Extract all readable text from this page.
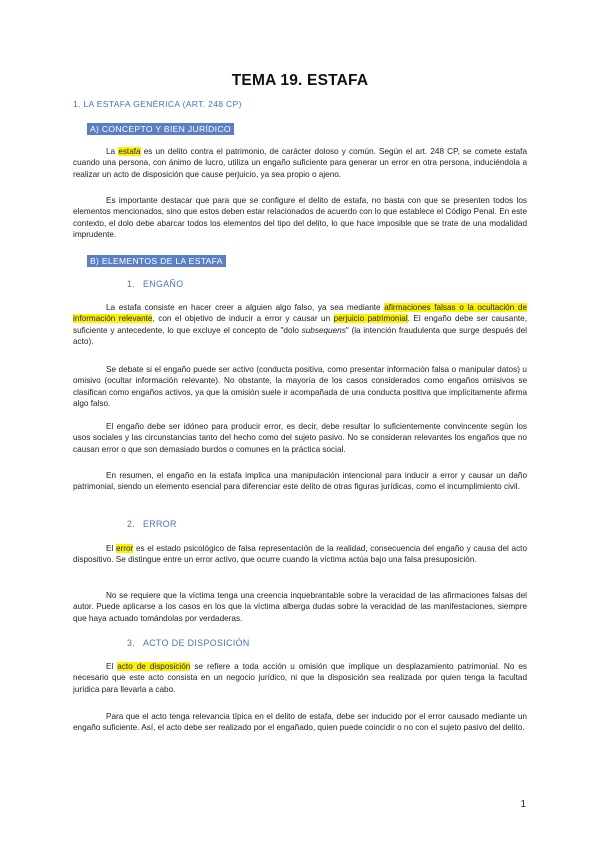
TEMA 19. ESTAFA
1. LA ESTAFA GENÉRICA (ART. 248 CP)
A) CONCEPTO Y BIEN JURÍDICO
La estafa es un delito contra el patrimonio, de carácter doloso y común. Según el art. 248 CP, se comete estafa cuando una persona, con ánimo de lucro, utiliza un engaño suficiente para generar un error en otra persona, induciéndola a realizar un acto de disposición que cause perjuicio, ya sea propio o ajeno.
Es importante destacar que para que se configure el delito de estafa, no basta con que se presenten todos los elementos mencionados, sino que estos deben estar relacionados de acuerdo con lo que establece el Código Penal. En este contexto, el dolo debe abarcar todos los elementos del tipo del delito, lo que hace imposible que se trate de una modalidad imprudente.
B) ELEMENTOS DE LA ESTAFA
1. ENGAÑO
La estafa consiste en hacer creer a alguien algo falso, ya sea mediante afirmaciones falsas o la ocultación de información relevante, con el objetivo de inducir a error y causar un perjuicio patrimonial. El engaño debe ser causante, suficiente y antecedente, lo que excluye el concepto de "dolo subsequens" (la intención fraudulenta que surge después del acto).
Se debate si el engaño puede ser activo (conducta positiva, como presentar información falsa o manipular datos) u omisivo (ocultar información relevante). No obstante, la mayoría de los casos considerados como engaños omisivos se clasifican como engaños activos, ya que la omisión suele ir acompañada de una conducta positiva que implícitamente afirma algo falso.
El engaño debe ser idóneo para producir error, es decir, debe resultar lo suficientemente convincente según los usos sociales y las circunstancias tanto del hecho como del sujeto pasivo. No se consideran relevantes los engaños que no causan error o que son demasiado burdos o comunes en la práctica social.
En resumen, el engaño en la estafa implica una manipulación intencional para inducir a error y causar un daño patrimonial, siendo un elemento esencial para diferenciar este delito de otras figuras jurídicas, como el incumplimiento civil.
2. ERROR
El error es el estado psicológico de falsa representación de la realidad, consecuencia del engaño y causa del acto dispositivo. Se distingue entre un error activo, que ocurre cuando la víctima actúa bajo una falsa presuposición.
No se requiere que la víctima tenga una creencia inquebrantable sobre la veracidad de las afirmaciones falsas del autor. Puede aplicarse a los casos en los que la víctima alberga dudas sobre la veracidad de las manifestaciones, siempre que haya actuado tomándolas por verdaderas.
3. ACTO DE DISPOSICIÓN
El acto de disposición se refiere a toda acción u omisión que implique un desplazamiento patrimonial. No es necesario que este acto consista en un negocio jurídico, ni que la disposición sea realizada por quien tenga la facultad jurídica para llevarla a cabo.
Para que el acto tenga relevancia típica en el delito de estafa, debe ser inducido por el error causado mediante un engaño suficiente. Así, el acto debe ser realizado por el engañado, quien puede coincidir o no con el sujeto pasivo del delito.
1
